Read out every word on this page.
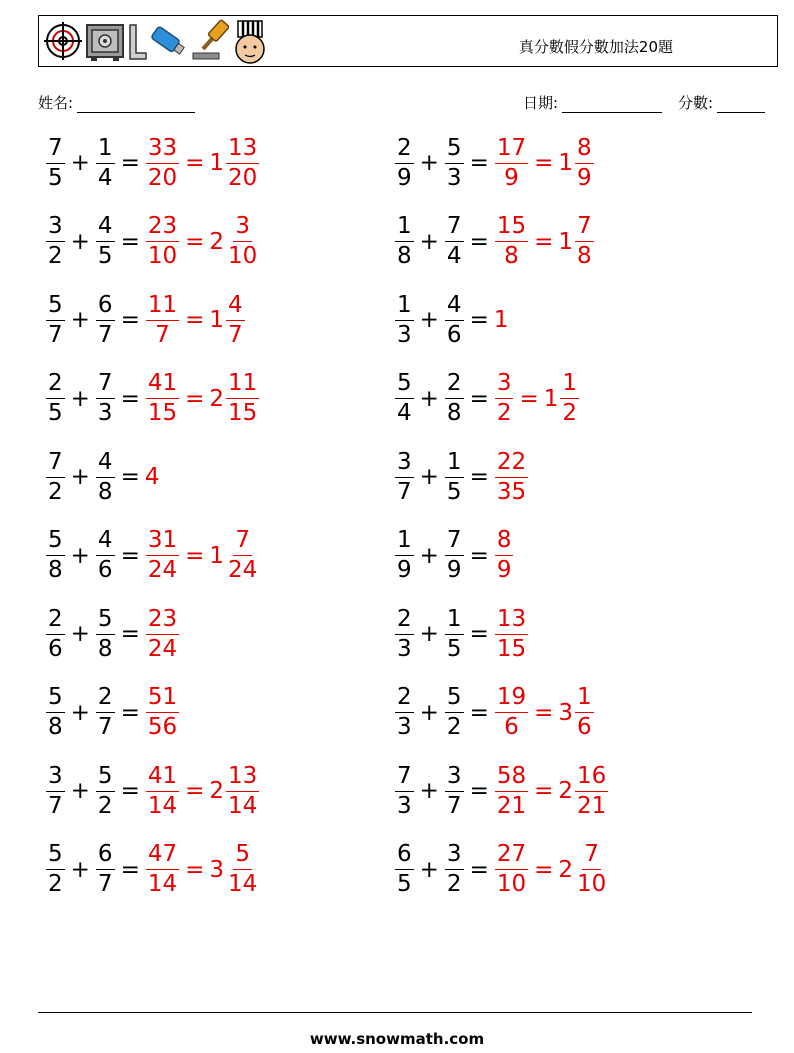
真分數假分數加法20題
姓名:	日期:	分數:
$\frac{7}{5} + \frac{1}{4} = \frac{33}{20} = 1 \frac{13}{20}$	$\frac{2}{9} + \frac{5}{3} = \frac{17}{9} = 1 \frac{8}{9}$
$\frac{3}{2} + \frac{4}{5} = \frac{23}{10} = 2 \frac{3}{10}$	$\frac{1}{8} + \frac{7}{4} = \frac{15}{8} = 1 \frac{7}{8}$
$\frac{5}{7} + \frac{6}{7} = \frac{11}{7} = 1 \frac{4}{7}$	$\frac{1}{3} + \frac{4}{6} = 1$
$\frac{2}{5} + \frac{7}{3} = \frac{41}{15} = 2 \frac{11}{15}$	$\frac{5}{4} + \frac{2}{8} = \frac{3}{2} = 1 \frac{1}{2}$
$\frac{7}{2} + \frac{4}{8} = 4$	$\frac{3}{7} + \frac{1}{5} = \frac{22}{35}$
$\frac{5}{8} + \frac{4}{6} = \frac{31}{24} = 1 \frac{7}{24}$	$\frac{1}{9} + \frac{7}{9} = \frac{8}{9}$
$\frac{2}{6} + \frac{5}{8} = \frac{23}{24}$	$\frac{2}{3} + \frac{1}{5} = \frac{13}{15}$
$\frac{5}{8} + \frac{2}{7} = \frac{51}{56}$	$\frac{2}{3} + \frac{5}{2} = \frac{19}{6} = 3 \frac{1}{6}$
$\frac{3}{7} + \frac{5}{2} = \frac{41}{14} = 2 \frac{13}{14}$	$\frac{7}{3} + \frac{3}{7} = \frac{58}{21} = 2 \frac{16}{21}$
$\frac{5}{2} + \frac{6}{7} = \frac{47}{14} = 3 \frac{5}{14}$	$\frac{6}{5} + \frac{3}{2} = \frac{27}{10} = 2 \frac{7}{10}$
www.snowmath.com
